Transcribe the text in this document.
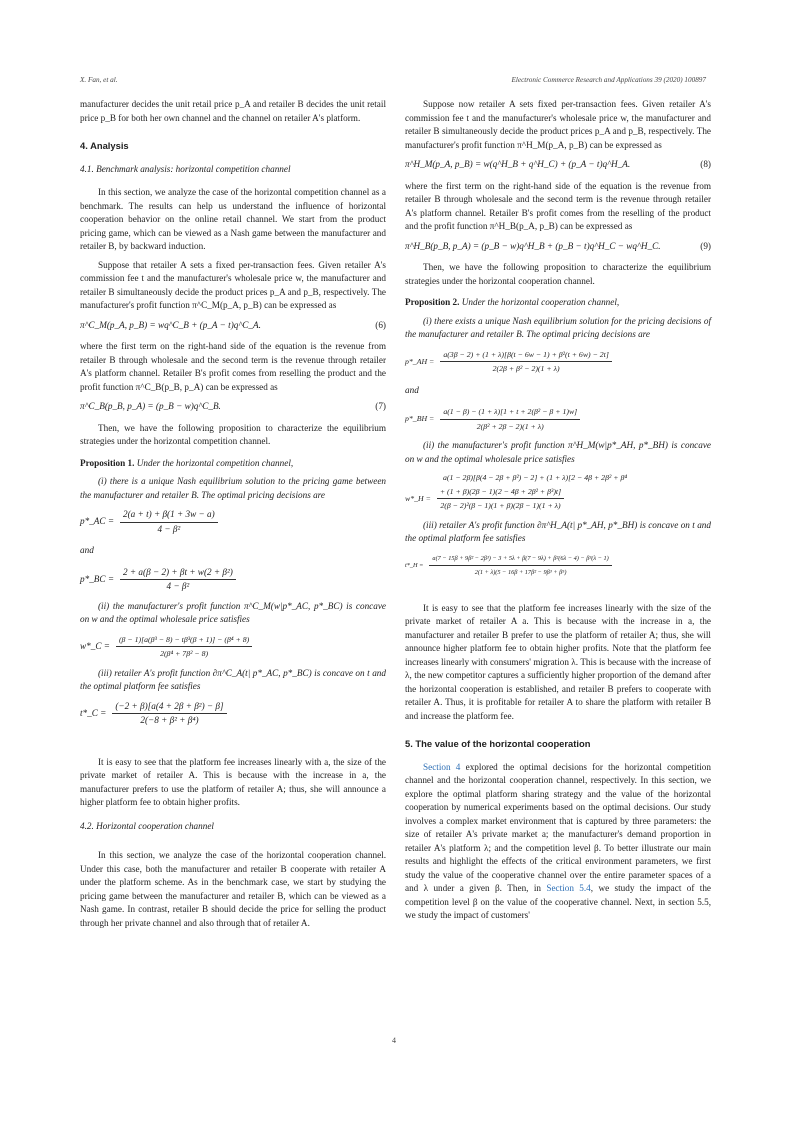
X. Fan, et al.	Electronic Commerce Research and Applications 39 (2020) 100897

manufacturer decides the unit retail price p_A and retailer B decides the unit retail price p_B for both her own channel and the channel on retailer A's platform.

4. Analysis
4.1. Benchmark analysis: horizontal competition channel

In this section, we analyze the case of the horizontal competition channel as a benchmark. The results can help us understand the influence of horizontal cooperation behavior on the online retail channel. We start from the product pricing game, which can be viewed as a Nash game between the manufacturer and retailer B, by backward induction.

Suppose that retailer A sets a fixed per-transaction fees. Given retailer A's commission fee t and the manufacturer's wholesale price w, the manufacturer and retailer B simultaneously decide the product prices p_A and p_B, respectively. The manufacturer's profit function π^C_M(p_A, p_B) can be expressed as

π^C_M(p_A, p_B) = wq^C_B + (p_A − t)q^C_A.	(6)

where the first term on the right-hand side of the equation is the revenue from retailer B through wholesale and the second term is the revenue through retailer A's platform channel. Retailer B's profit comes from reselling the product and the profit function π^C_B(p_B, p_A) can be expressed as

π^C_B(p_B, p_A) = (p_B − w)q^C_B.	(7)

Then, we have the following proposition to characterize the equilibrium strategies under the horizontal competition channel.

Proposition 1. Under the horizontal competition channel,

(i) there is a unique Nash equilibrium solution to the pricing game between the manufacturer and retailer B. The optimal pricing decisions are

p*_AC = $\frac{2(a + t) + \beta(1 + 3w - a)}{\text{4 − β²}}$
and
p*_BC = $\frac{\text{2 + a(β − 2) + βt + w(2 + β²)}}{\text{4 − β²}}$

(ii) the manufacturer's profit function π^C_M(w|p*_AC, p*_BC) is concave on w and the optimal wholesale price satisfies

w*_C = $\frac{\text{(β − 1)[a(β³ − 8) − tβ³(β + 1)] − (β⁴ + 8)}}{\text{2(β⁴ + 7β² − 8)}}$

(iii) retailer A's profit function ∂π^C_A(t| p*_AC, p*_BC) is concave on t and the optimal platform fee satisfies

t*_C = $\frac{\text{(−2 + β)[a(4 + 2β + β²) − β]}}{\text{2(−8 + β² + β⁴)}}$

It is easy to see that the platform fee increases linearly with a, the size of the private market of retailer A. This is because with the increase in a, the manufacturer prefers to use the platform of retailer A; thus, she will announce a higher platform fee to obtain higher profits.

4.2. Horizontal cooperation channel

In this section, we analyze the case of the horizontal cooperation channel. Under this case, both the manufacturer and retailer B cooperate with retailer A under the platform scheme. As in the benchmark case, we start by studying the pricing game between the manufacturer and retailer B, which can be viewed as a Nash game. In contrast, retailer B should decide the price for selling the product through her private channel and also through that of retailer A.

Suppose now retailer A sets fixed per-transaction fees. Given retailer A's commission fee t and the manufacturer's wholesale price w, the manufacturer and retailer B simultaneously decide the product prices p_A and p_B, respectively. The manufacturer's profit function π^H_M(p_A, p_B) can be expressed as

π^H_M(p_A, p_B) = w(q^H_B + q^H_C) + (p_A − t)q^H_A.	(8)

where the first term on the right-hand side of the equation is the revenue from retailer B through wholesale and the second term is the revenue through retailer A's platform channel. Retailer B's profit comes from the reselling of the product and the profit function π^H_B(p_A, p_B) can be expressed as

π^H_B(p_B, p_A) = (p_B − w)q^H_B + (p_B − t)q^H_C − wq^H_C.	(9)

Then, we have the following proposition to characterize the equilibrium strategies under the horizontal cooperation channel.

Proposition 2. Under the horizontal cooperation channel,

(i) there exists a unique Nash equilibrium solution for the pricing decisions of the manufacturer and retailer B. The optimal pricing decisions are

p*_AH = $\frac{\text{a(3β − 2) + (1 + λ)[β(t − 6w − 1) + β²(t + 6w) − 2t]}}{\text{2(2β + β² − 2)(1 + λ)}}$
and
p*_BH = $\frac{\text{a(1 − β) − (1 + λ)[1 + t + 2(β² − β + 1)w]}}{\text{2(β² + 2β − 2)(1 + λ)}}$

(ii) the manufacturer's profit function π^H_M(w|p*_AH, p*_BH) is concave on w and the optimal wholesale price satisfies

a(1 − 2β)[β(4 − 2β + β²) − 2] + (1 + λ)[2 − 4β + 2β² + β⁴
w*_H = $\frac{\text{+ (1 + β)(2β − 1)(2 − 4β + 2β² + β³)t]}}{\text{2(β − 2)²(β − 1)(1 + β)(2β − 1)(1 + λ)}}$

(iii) retailer A's profit function ∂π^H_A(t| p*_AH, p*_BH) is concave on t and the optimal platform fee satisfies

t*_H =
a(7 − 15β + 9β² − 2β³) − 3 + 5λ + β(7 − 9λ) + β²(6λ − 4) − β³(λ − 1)
2(1 + λ)(5 − 16β + 17β² − 9β³ + β⁵)

It is easy to see that the platform fee increases linearly with the size of the private market of retailer A a. This is because with the increase in a, the manufacturer and retailer B prefer to use the platform of retailer A; thus, she will announce higher platform fee to obtain higher profits. Note that the platform fee increases linearly with consumers' migration λ. This is because with the increase of λ, the new competitor captures a sufficiently higher proportion of the demand after the horizontal cooperation is established, and retailer B prefers to cooperate with retailer A. Thus, it is profitable for retailer A to share the platform with retailer B and increase the platform fee.

5. The value of the horizontal cooperation

Section 4 explored the optimal decisions for the horizontal competition channel and the horizontal cooperation channel, respectively. In this section, we explore the optimal platform sharing strategy and the value of the horizontal cooperation by numerical experiments based on the optimal decisions. Our study involves a complex market environment that is captured by three parameters: the size of retailer A's private market a; the manufacturer's demand proportion in retailer A's platform λ; and the competition level β. To better illustrate our main results and highlight the effects of the critical environment parameters, we first study the value of the cooperative channel over the entire parameter spaces of a and λ under a given β. Then, in Section 5.4, we study the impact of the competition level β on the value of the cooperative channel. Next, in section 5.5, we study the impact of customers'

4
